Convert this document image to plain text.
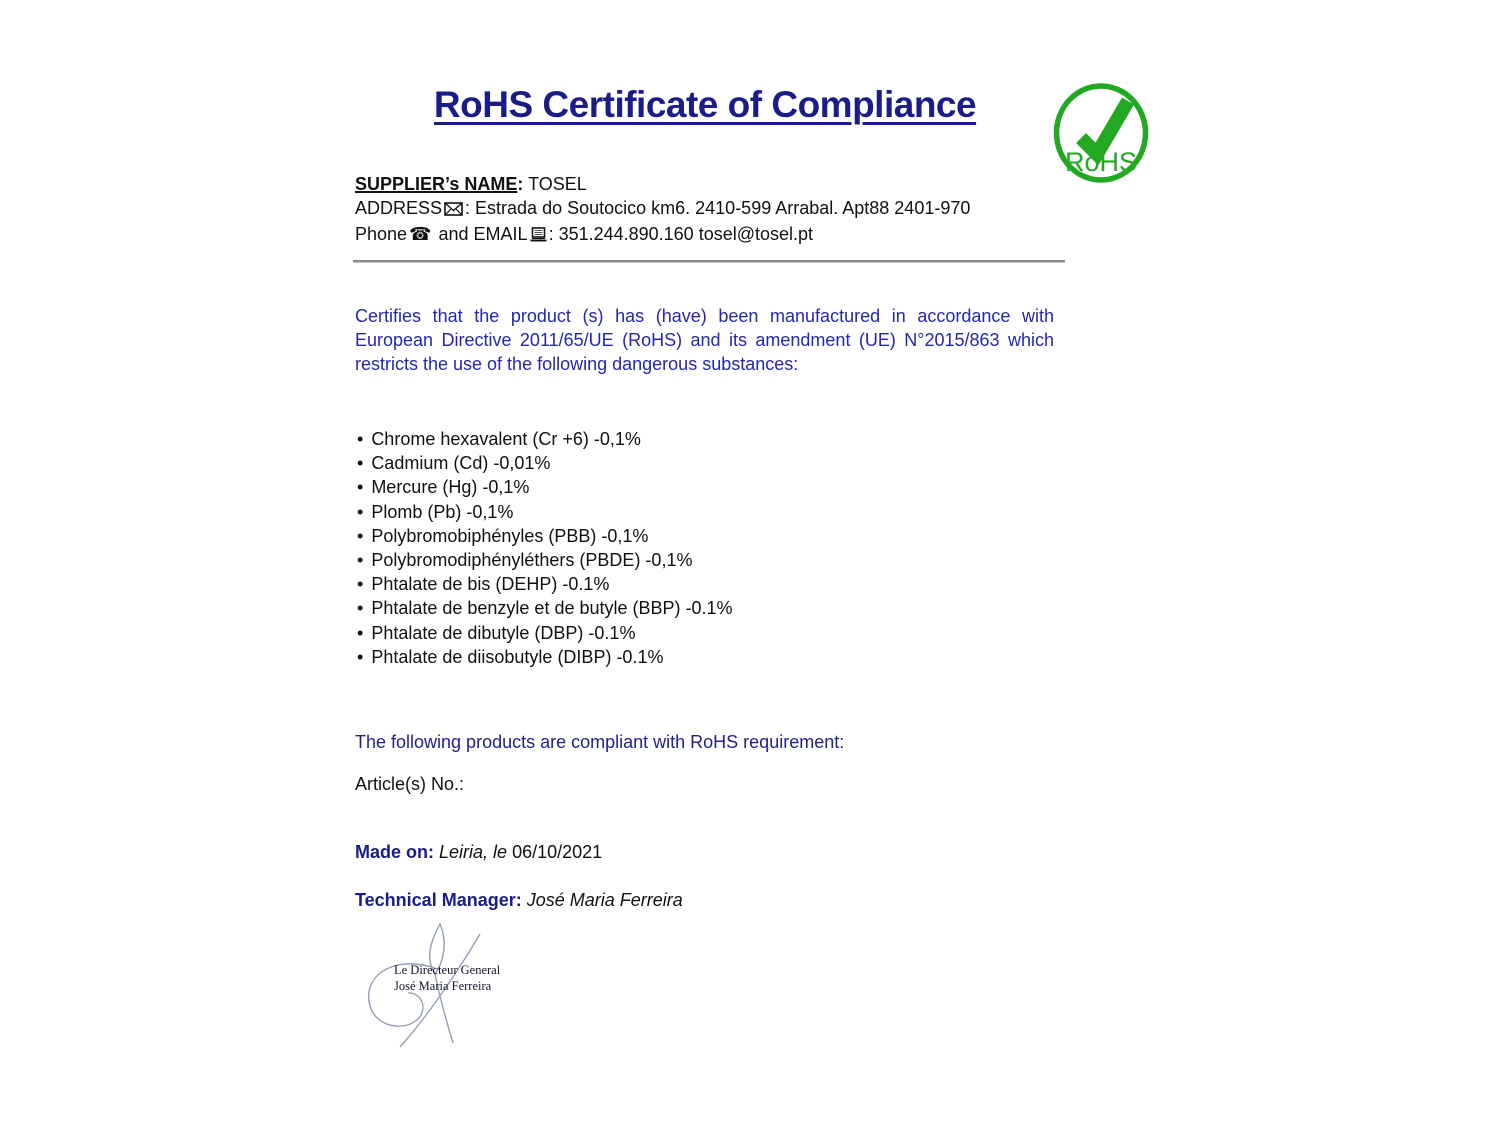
RoHS Certificate of Compliance
RoHS
SUPPLIER’s NAME: TOSEL
ADDRESS : Estrada do Soutocico km6. 2410-599 Arrabal. Apt88 2401-970
Phone ☎ and EMAIL : 351.244.890.160 tosel@tosel.pt

Certifies that the product (s) has (have) been manufactured in accordance with European Directive 2011/65/UE (RoHS) and its amendment (UE) N°2015/863 which restricts the use of the following dangerous substances:

• Chrome hexavalent (Cr +6) -0,1%
• Cadmium (Cd) -0,01%
• Mercure (Hg) -0,1%
• Plomb (Pb) -0,1%
• Polybromobiphényles (PBB) -0,1%
• Polybromodiphényléthers (PBDE) -0,1%
• Phtalate de bis (DEHP) -0.1%
• Phtalate de benzyle et de butyle (BBP) -0.1%
• Phtalate de dibutyle (DBP) -0.1%
• Phtalate de diisobutyle (DIBP) -0.1%
The following products are compliant with RoHS requirement:
Article(s) No.:
Made on: Leiria, le 06/10/2021
Technical Manager: José Maria Ferreira
Le Directeur General
José Maria Ferreira
